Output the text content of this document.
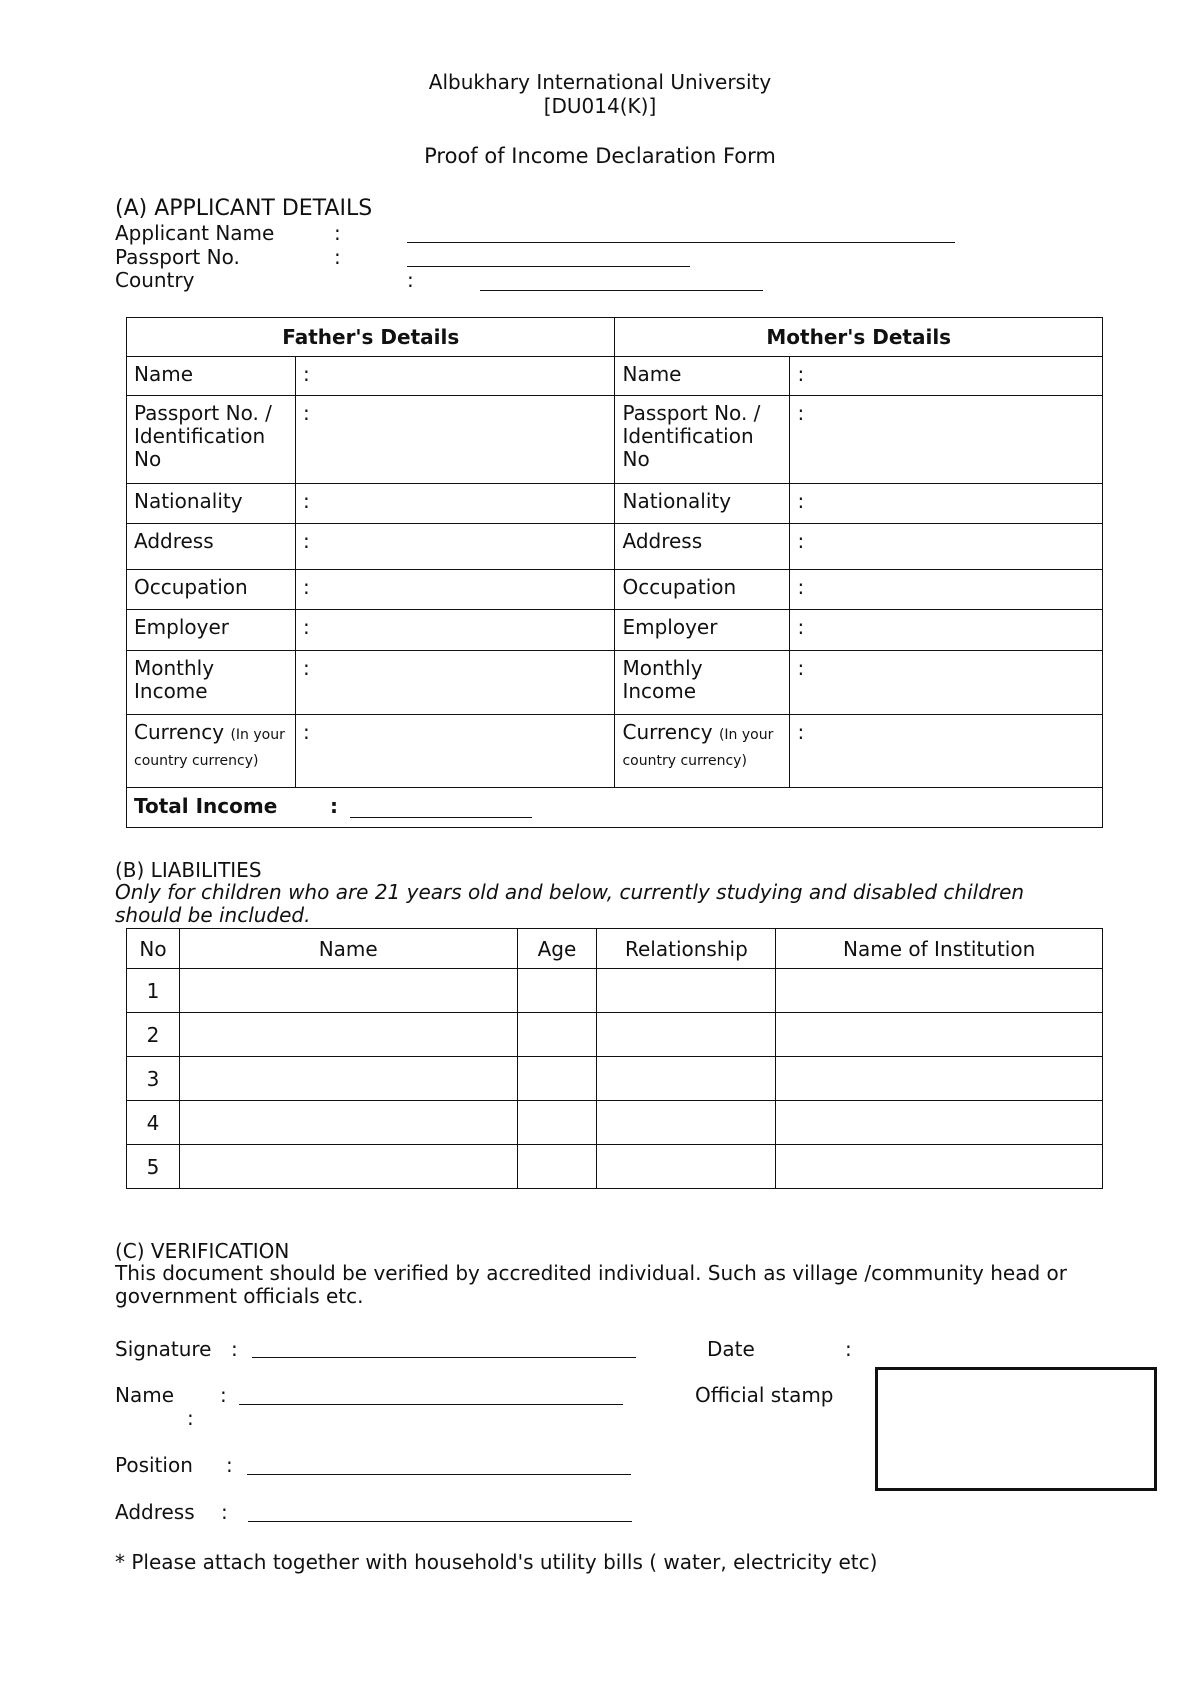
Albukhary International University
[DU014(K)]
Proof of Income Declaration Form
(A) APPLICANT DETAILS
Applicant Name	:
Passport No.	:
Country	:
Father's Details		Mother's Details	
Name	:	Name	:
Passport No. / Identification No	:	Passport No. / Identification No	:
Nationality	:	Nationality	:
Address	:	Address	:
Occupation	:	Occupation	:
Employer	:	Employer	:
Monthly Income	:	Monthly Income	:
Currency (In your country currency)	:	Currency (In your country currency)	:
Total Income :			
(B) LIABILITIES
Only for children who are 21 years old and below, currently studying and disabled children should be included.
No	Name	Age	Relationship	Name of Institution
1				
2				
3				
4				
5				
(C) VERIFICATION
This document should be verified by accredited individual. Such as village /community head or government officials etc.
Signature :	Date	:
Name :
:
Official stamp
Position :
Address :
* Please attach together with household's utility bills ( water, electricity etc)
